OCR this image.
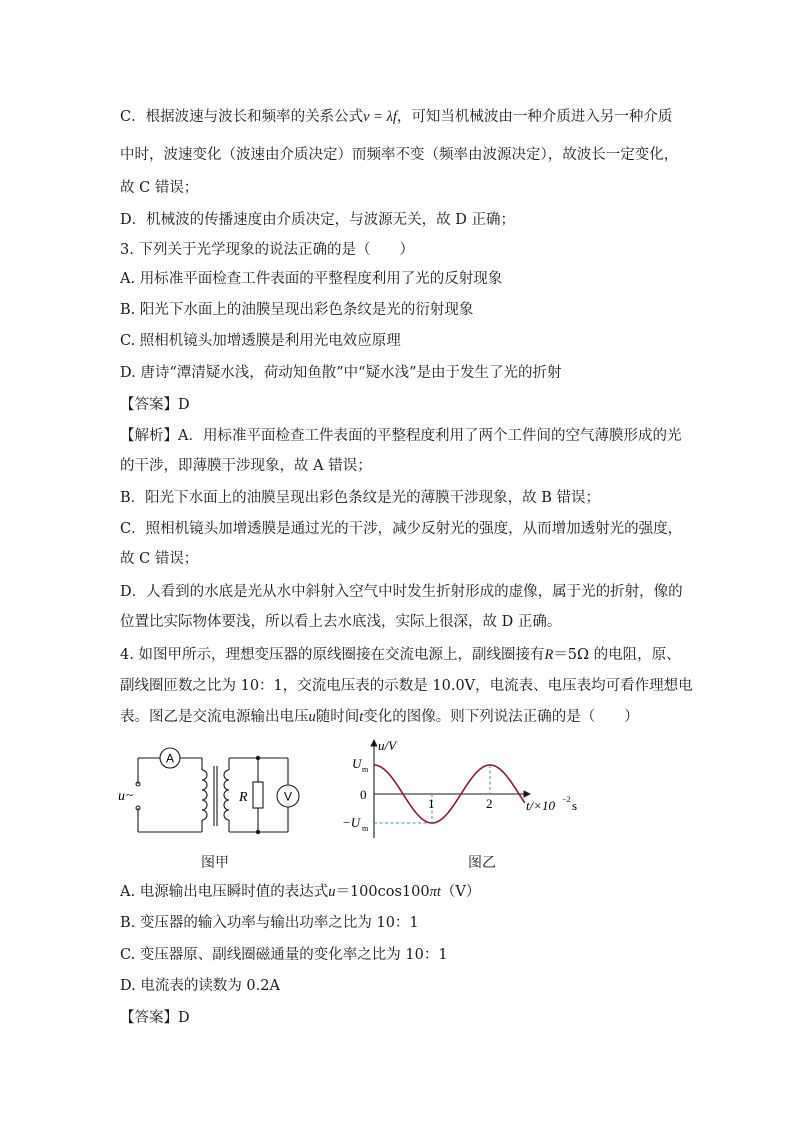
C．根据波速与波长和频率的关系公式v = λf，可知当机械波由一种介质进入另一种介质
中时，波速变化（波速由介质决定）而频率不变（频率由波源决定），故波长一定变化，
故 C 错误；
D．机械波的传播速度由介质决定，与波源无关，故 D 正确；
3. 下列关于光学现象的说法正确的是（　　）
A. 用标准平面检查工件表面的平整程度利用了光的反射现象
B. 阳光下水面上的油膜呈现出彩色条纹是光的衍射现象
C. 照相机镜头加增透膜是利用光电效应原理
D. 唐诗“潭清疑水浅，荷动知鱼散”中“疑水浅”是由于发生了光的折射
【答案】D
【解析】A．用标准平面检查工件表面的平整程度利用了两个工件间的空气薄膜形成的光
的干涉，即薄膜干涉现象，故 A 错误；
B．阳光下水面上的油膜呈现出彩色条纹是光的薄膜干涉现象，故 B 错误；
C．照相机镜头加增透膜是通过光的干涉，减少反射光的强度，从而增加透射光的强度，
故 C 错误；
D．人看到的水底是光从水中斜射入空气中时发生折射形成的虚像，属于光的折射，像的
位置比实际物体要浅，所以看上去水底浅，实际上很深，故 D 正确。
4. 如图甲所示，理想变压器的原线圈接在交流电源上，副线圈接有R＝5Ω 的电阻，原、
副线圈匝数之比为 10：1，交流电压表的示数是 10.0V，电流表、电压表均可看作理想电
表。图乙是交流电源输出电压u随时间t变化的图像。则下列说法正确的是（　　）
A
V
R
u ~
图甲
u/V
U m
0
−U m
1	2	t/×10 −2 s
图乙
A. 电源输出电压瞬时值的表达式u＝100cos100πt（V）
B. 变压器的输入功率与输出功率之比为 10：1
C. 变压器原、副线圈磁通量的变化率之比为 10：1
D. 电流表的读数为 0.2A
【答案】D
